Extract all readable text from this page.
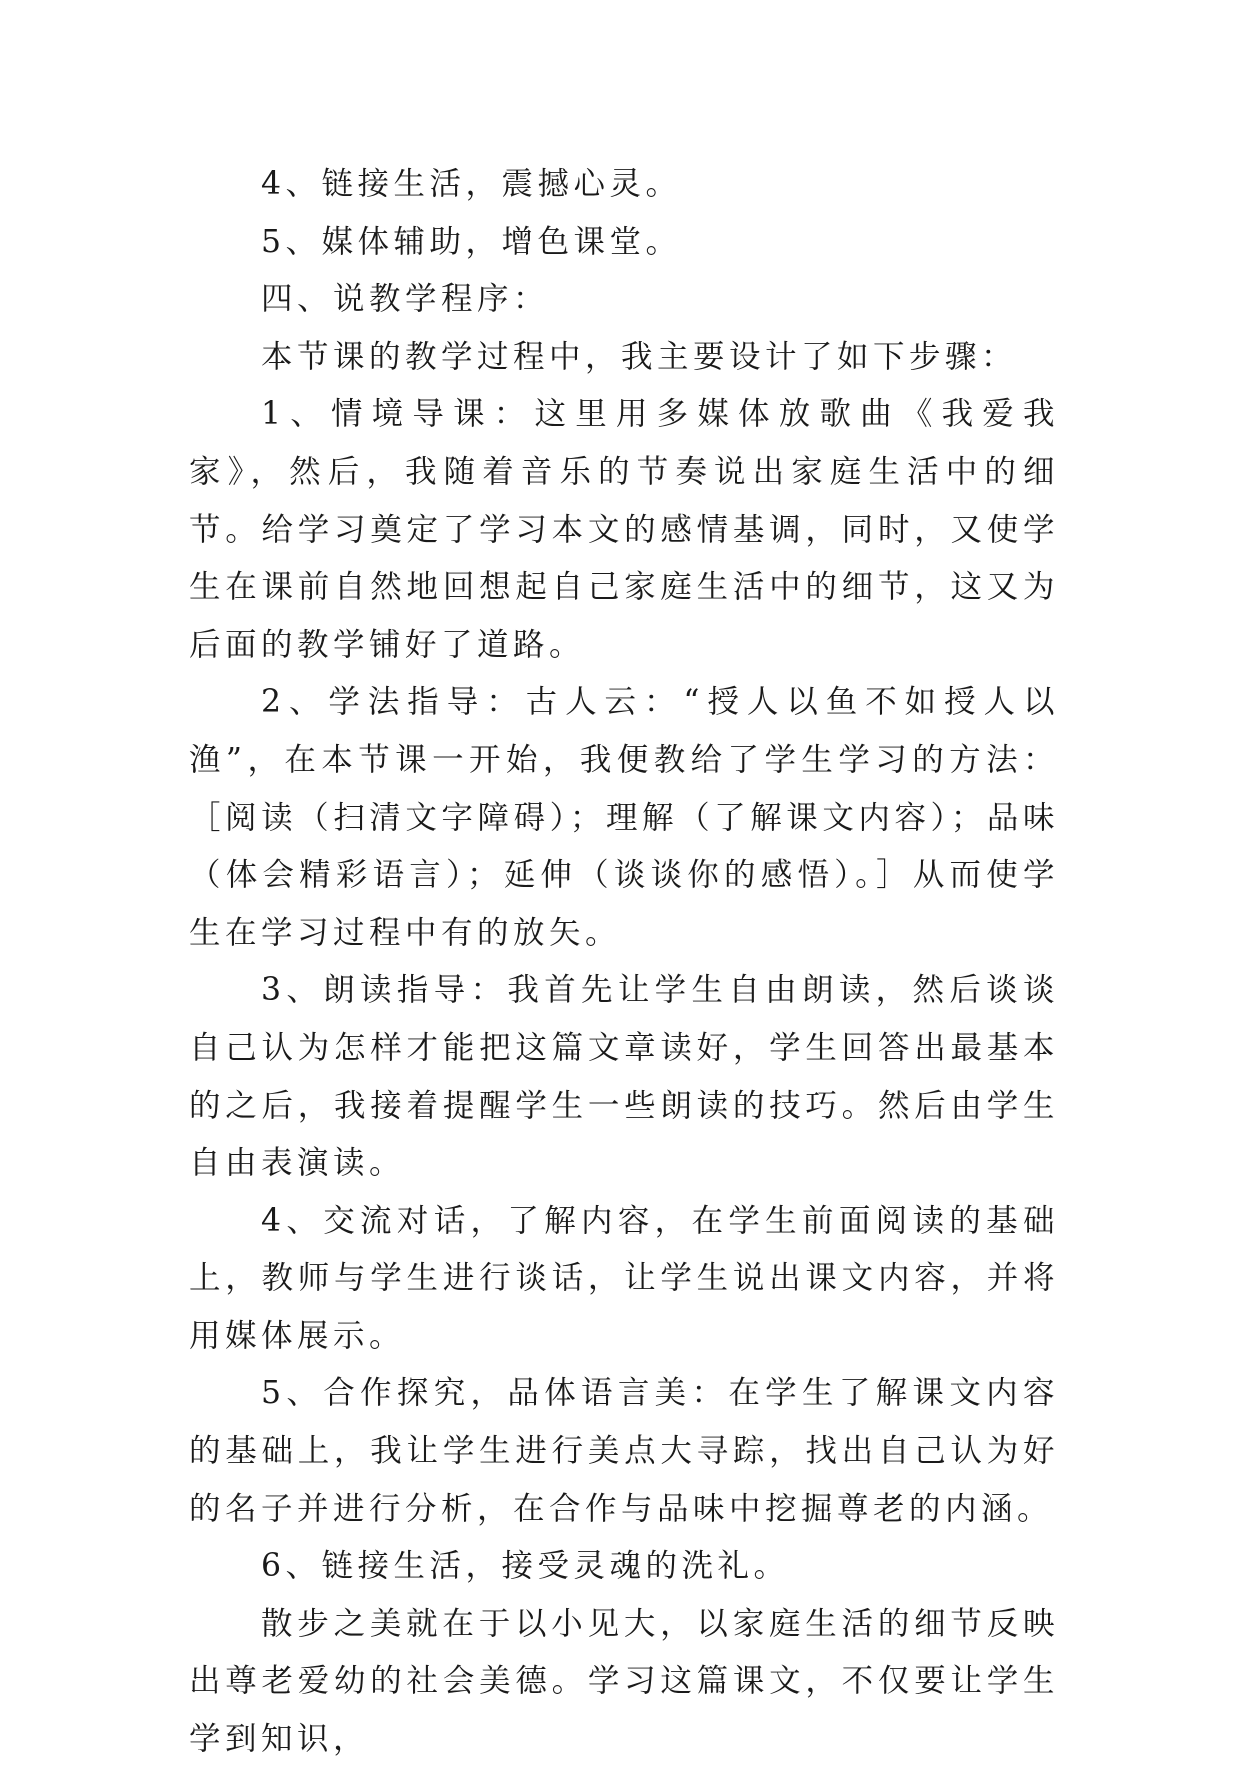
4、链接生活，震撼心灵。

5、媒体辅助，增色课堂。

四、说教学程序：

本节课的教学过程中，我主要设计了如下步骤：

1、情境导课：这里用多媒体放歌曲《我爱我家》，然后，我随着音乐的节奏说出家庭生活中的细节。给学习奠定了学习本文的感情基调，同时，又使学生在课前自然地回想起自己家庭生活中的细节，这又为后面的教学铺好了道路。

2、学法指导：古人云：“授人以鱼不如授人以渔”，在本节课一开始，我便教给了学生学习的方法：［阅读（扫清文字障碍）；理解（了解课文内容）；品味（体会精彩语言）；延伸（谈谈你的感悟）。］从而使学生在学习过程中有的放矢。

3、朗读指导：我首先让学生自由朗读，然后谈谈自己认为怎样才能把这篇文章读好，学生回答出最基本的之后，我接着提醒学生一些朗读的技巧。然后由学生自由表演读。

4、交流对话，了解内容，在学生前面阅读的基础上，教师与学生进行谈话，让学生说出课文内容，并将用媒体展示。

5、合作探究，品体语言美：在学生了解课文内容的基础上，我让学生进行美点大寻踪，找出自己认为好的名子并进行分析，在合作与品味中挖掘尊老的内涵。

6、链接生活，接受灵魂的洗礼。

散步之美就在于以小见大，以家庭生活的细节反映出尊老爱幼的社会美德。学习这篇课文，不仅要让学生学到知识，
